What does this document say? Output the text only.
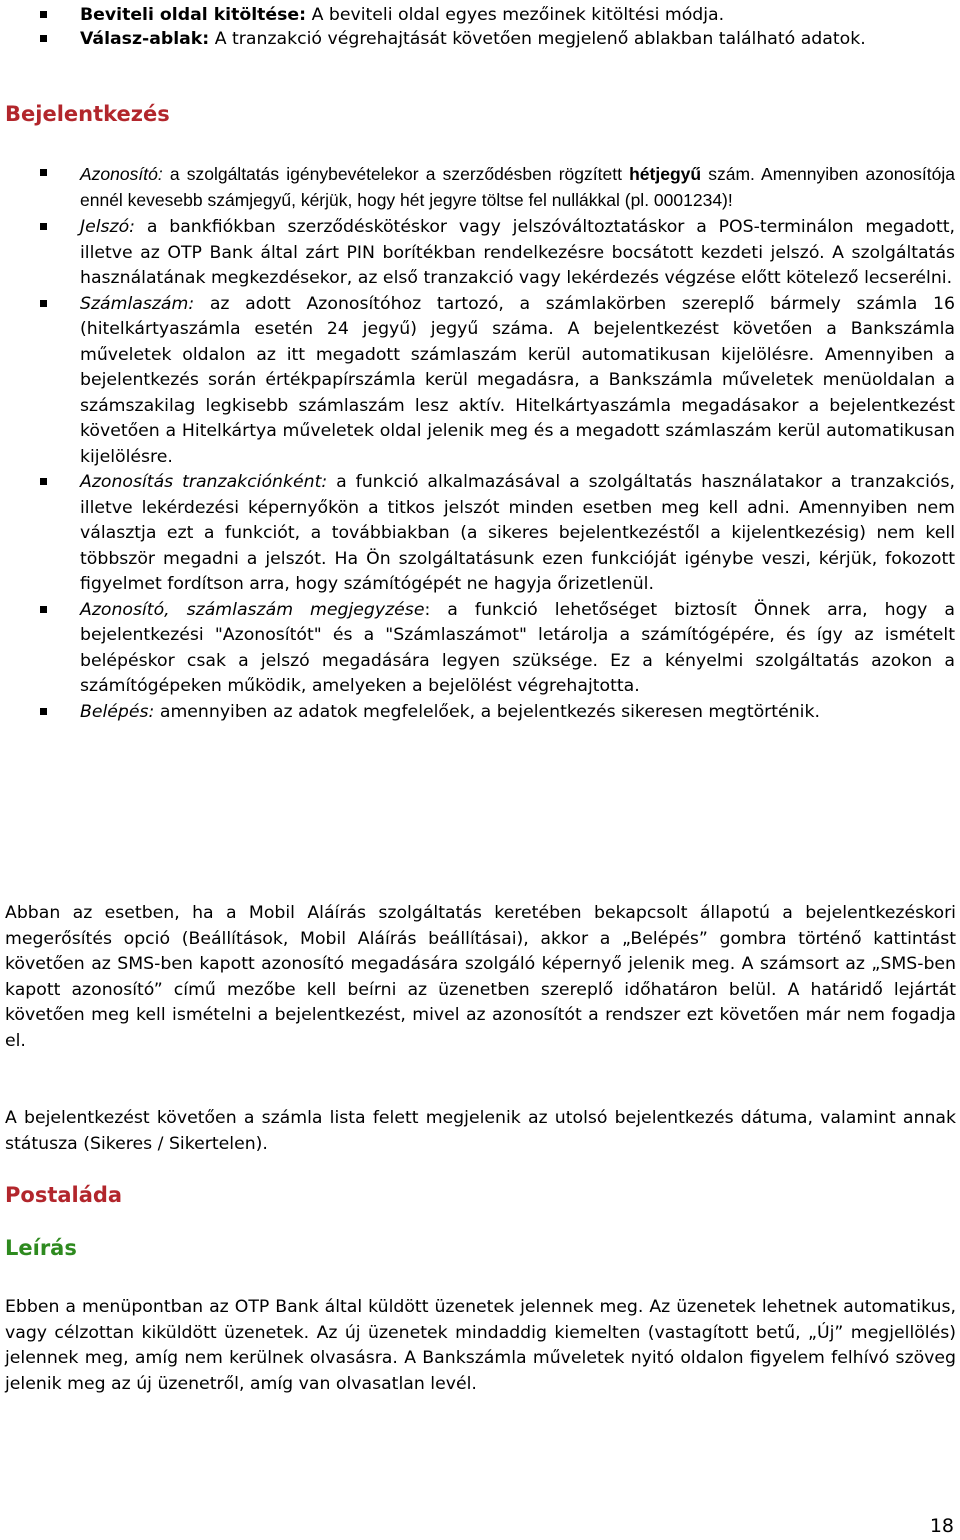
Beviteli oldal kitöltése: A beviteli oldal egyes mezőinek kitöltési módja.
Válasz-ablak: A tranzakció végrehajtását követően megjelenő ablakban található adatok.
Bejelentkezés
Azonosító: a szolgáltatás igénybevételekor a szerződésben rögzített hétjegyű szám. Amennyiben azonosítója ennél kevesebb számjegyű, kérjük, hogy hét jegyre töltse fel nullákkal (pl. 0001234)!
Jelszó: a bankfiókban szerződéskötéskor vagy jelszóváltoztatáskor a POS-terminálon megadott, illetve az OTP Bank által zárt PIN borítékban rendelkezésre bocsátott kezdeti jelszó. A szolgáltatás használatának megkezdésekor, az első tranzakció vagy lekérdezés végzése előtt kötelező lecserélni.
Számlaszám: az adott Azonosítóhoz tartozó, a számlakörben szereplő bármely számla 16 (hitelkártyaszámla esetén 24 jegyű) jegyű száma. A bejelentkezést követően a Bankszámla műveletek oldalon az itt megadott számlaszám kerül automatikusan kijelölésre. Amennyiben a bejelentkezés során értékpapírszámla kerül megadásra, a Bankszámla műveletek menüoldalan a számszakilag legkisebb számlaszám lesz aktív. Hitelkártyaszámla megadásakor a bejelentkezést követően a Hitelkártya műveletek oldal jelenik meg és a megadott számlaszám kerül automatikusan kijelölésre.
Azonosítás tranzakciónként: a funkció alkalmazásával a szolgáltatás használatakor a tranzakciós, illetve lekérdezési képernyőkön a titkos jelszót minden esetben meg kell adni. Amennyiben nem választja ezt a funkciót, a továbbiakban (a sikeres bejelentkezéstől a kijelentkezésig) nem kell többször megadni a jelszót. Ha Ön szolgáltatásunk ezen funkcióját igénybe veszi, kérjük, fokozott figyelmet fordítson arra, hogy számítógépét ne hagyja őrizetlenül.
Azonosító, számlaszám megjegyzése: a funkció lehetőséget biztosít Önnek arra, hogy a bejelentkezési "Azonosítót" és a "Számlaszámot" letárolja a számítógépére, és így az ismételt belépéskor csak a jelszó megadására legyen szüksége. Ez a kényelmi szolgáltatás azokon a számítógépeken működik, amelyeken a bejelölést végrehajtotta.
Belépés: amennyiben az adatok megfelelőek, a bejelentkezés sikeresen megtörténik.

Abban az esetben, ha a Mobil Aláírás szolgáltatás keretében bekapcsolt állapotú a bejelentkezéskori megerősítés opció (Beállítások, Mobil Aláírás beállításai), akkor a „Belépés” gombra történő kattintást követően az SMS-ben kapott azonosító megadására szolgáló képernyő jelenik meg. A számsort az „SMS-ben kapott azonosító” című mezőbe kell beírni az üzenetben szereplő időhatáron belül. A határidő lejártát követően meg kell ismételni a bejelentkezést, mivel az azonosítót a rendszer ezt követően már nem fogadja el.

A bejelentkezést követően a számla lista felett megjelenik az utolsó bejelentkezés dátuma, valamint annak státusza (Sikeres / Sikertelen).

Postaláda
Leírás

Ebben a menüpontban az OTP Bank által küldött üzenetek jelennek meg. Az üzenetek lehetnek automatikus, vagy célzottan kiküldött üzenetek. Az új üzenetek mindaddig kiemelten (vastagított betű, „Új” megjellölés) jelennek meg, amíg nem kerülnek olvasásra. A Bankszámla műveletek nyitó oldalon figyelem felhívó szöveg jelenik meg az új üzenetről, amíg van olvasatlan levél.

18
